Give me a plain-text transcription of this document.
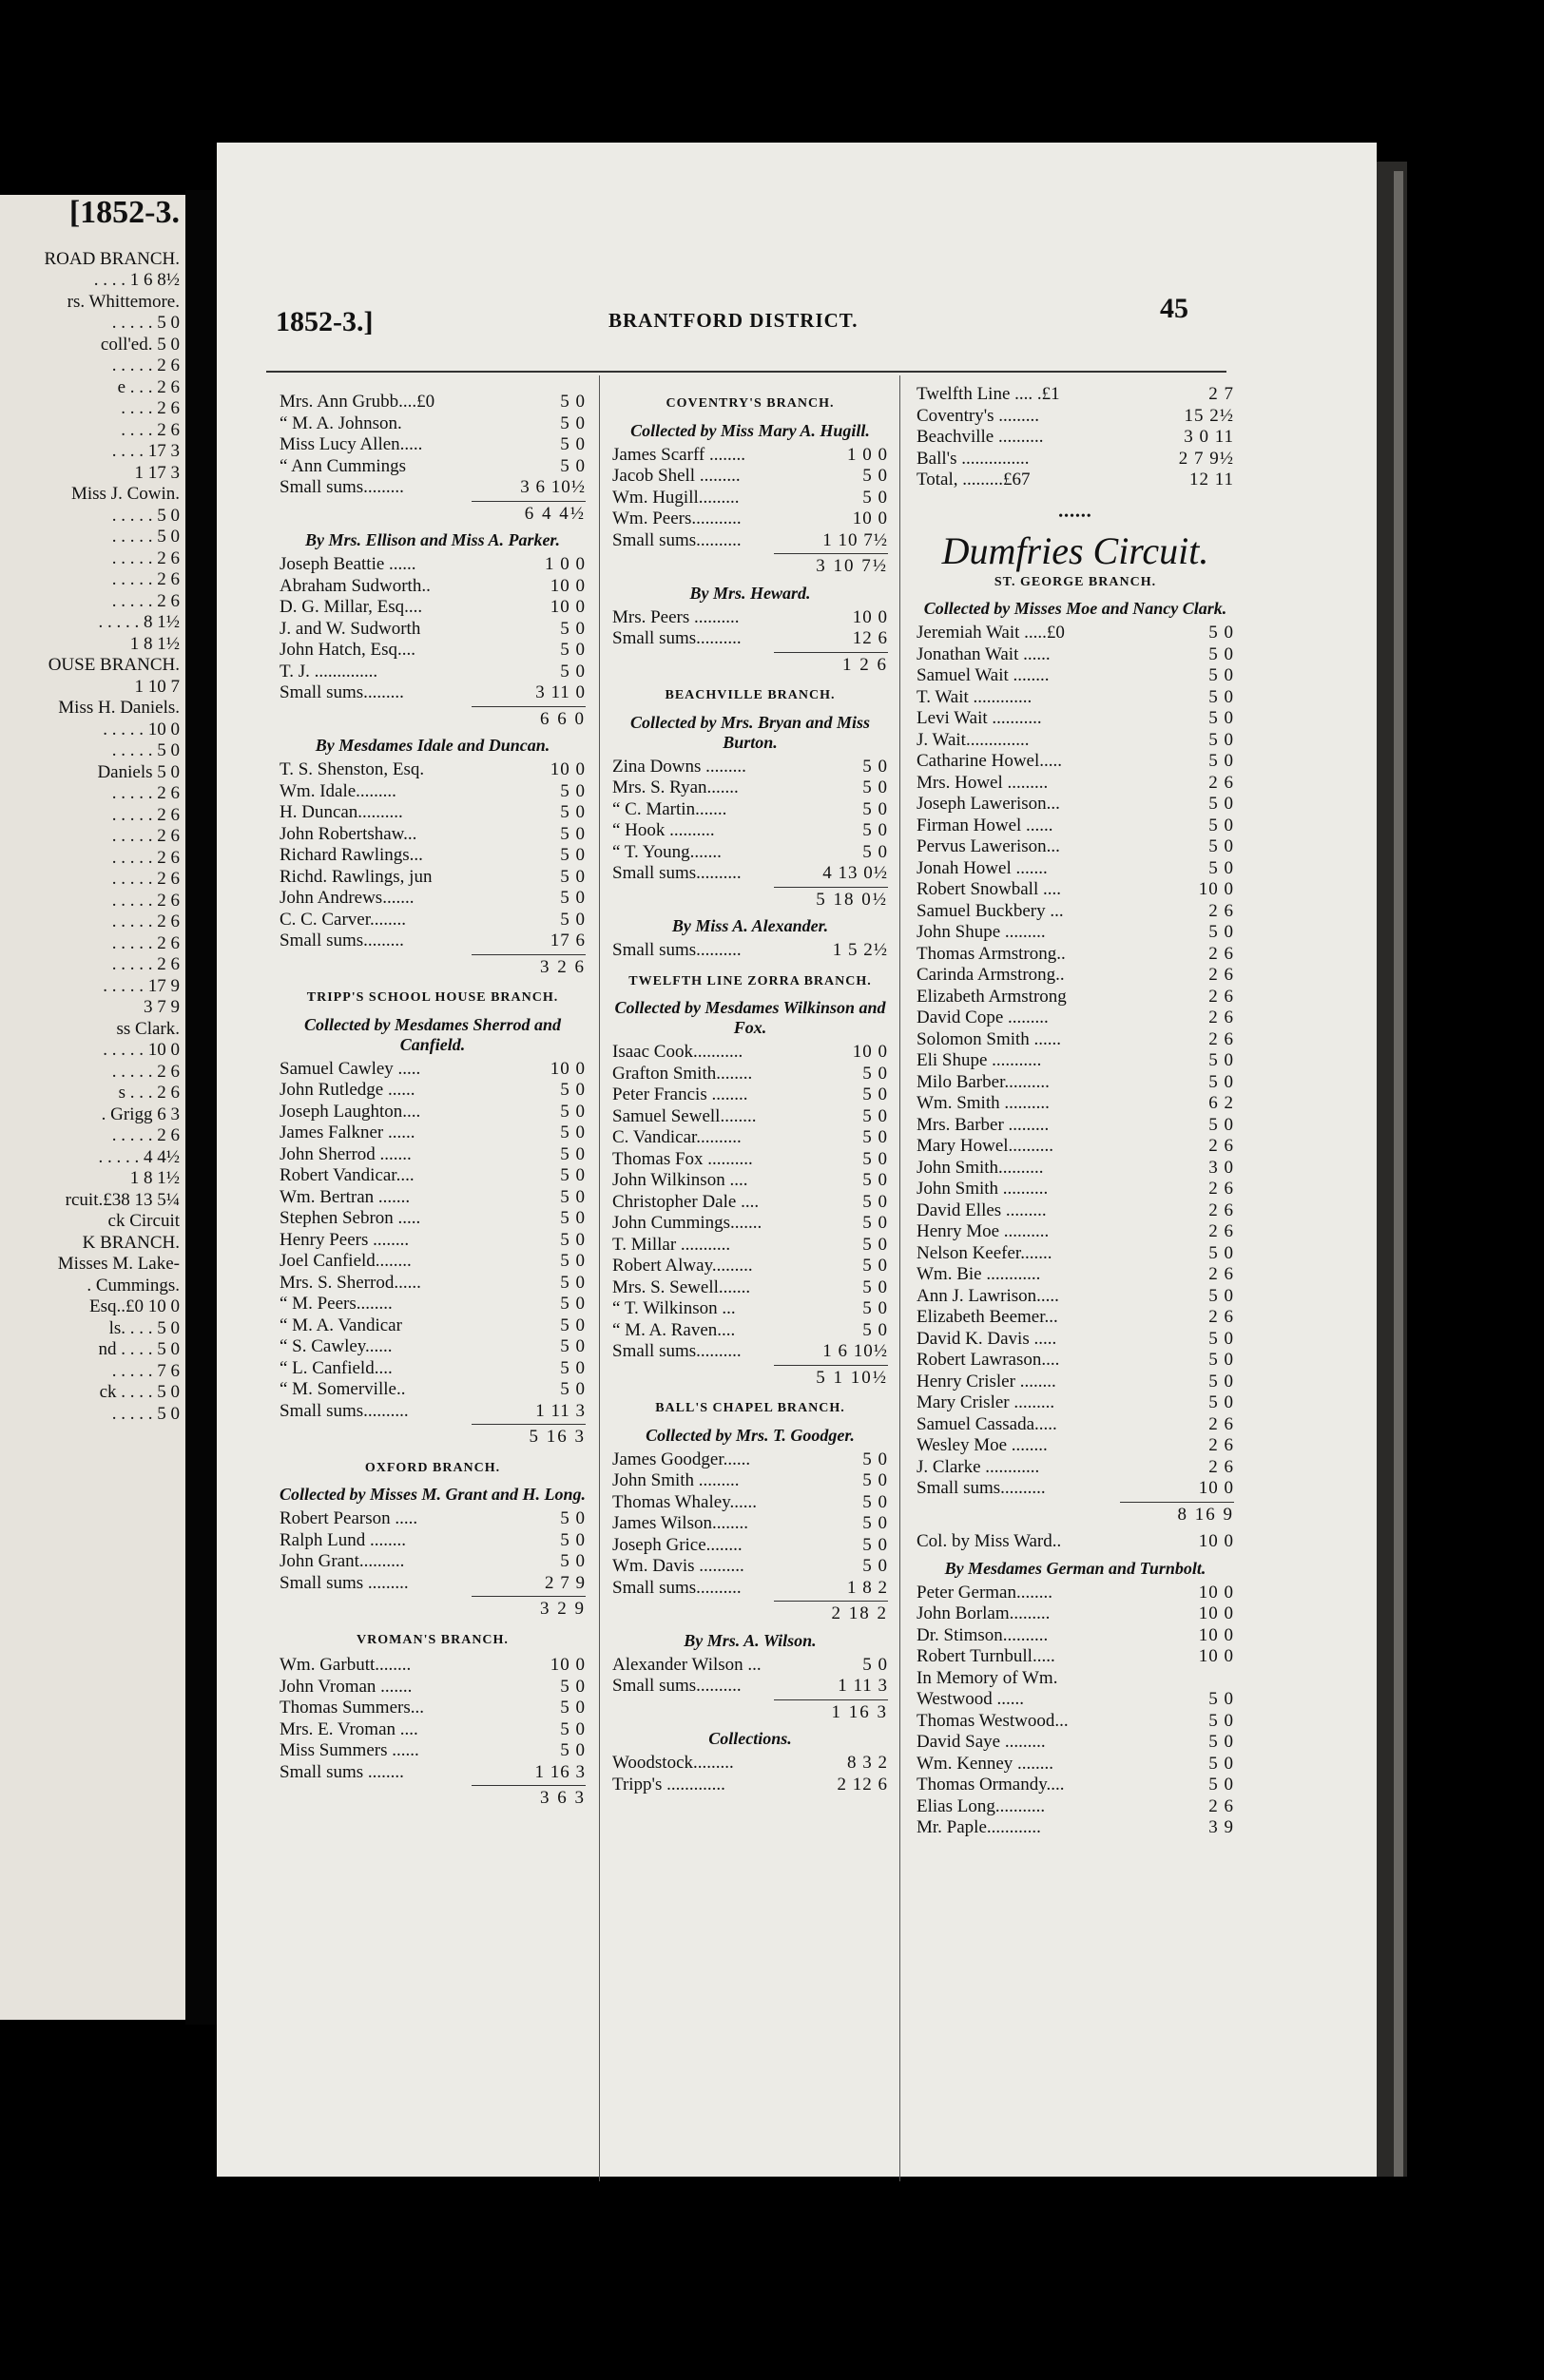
[1852-3.
ROAD BRANCH.
. . . . 1 6 8½
rs. Whittemore.
. . . . . 5 0
coll'ed. 5 0
. . . . . 2 6
e . . . 2 6
. . . . 2 6
. . . . 2 6
. . . . 17 3
1 17 3
Miss J. Cowin.
. . . . . 5 0
. . . . . 5 0
. . . . . 2 6
. . . . . 2 6
. . . . . 2 6
. . . . . 8 1½
1 8 1½
OUSE BRANCH.
1 10 7
Miss H. Daniels.
. . . . . 10 0
. . . . . 5 0
Daniels 5 0
. . . . . 2 6
. . . . . 2 6
. . . . . 2 6
. . . . . 2 6
. . . . . 2 6
. . . . . 2 6
. . . . . 2 6
. . . . . 2 6
. . . . . 2 6
. . . . . 17 9
3 7 9
ss Clark.
. . . . . 10 0
. . . . . 2 6
s . . . 2 6
. Grigg 6 3
. . . . . 2 6
. . . . . 4 4½
1 8 1½
rcuit.£38 13 5¼
ck Circuit
K BRANCH.
Misses M. Lake-
. Cummings.
Esq..£0 10 0
ls. . . . 5 0
nd . . . . 5 0
. . . . . 7 6
ck . . . . 5 0
. . . . . 5 0
1852-3.]	BRANTFORD DISTRICT.	45
Mrs. Ann Grubb....£0	5 0
“ M. A. Johnson.	5 0
Miss Lucy Allen.....	5 0
“ Ann Cummings	5 0
Small sums.........	3 6 10½
6 4 4½
By Mrs. Ellison and Miss A. Parker.
Joseph Beattie ......	1 0 0
Abraham Sudworth..	10 0
D. G. Millar, Esq....	10 0
J. and W. Sudworth	5 0
John Hatch, Esq....	5 0
T. J. ..............	5 0
Small sums.........	3 11 0
6 6 0
By Mesdames Idale and Duncan.
T. S. Shenston, Esq.	10 0
Wm. Idale.........	5 0
H. Duncan..........	5 0
John Robertshaw...	5 0
Richard Rawlings...	5 0
Richd. Rawlings, jun	5 0
John Andrews.......	5 0
C. C. Carver........	5 0
Small sums.........	17 6
3 2 6
TRIPP'S SCHOOL HOUSE BRANCH.
Collected by Mesdames Sherrod and Canfield.
Samuel Cawley .....	10 0
John Rutledge ......	5 0
Joseph Laughton....	5 0
James Falkner ......	5 0
John Sherrod .......	5 0
Robert Vandicar....	5 0
Wm. Bertran .......	5 0
Stephen Sebron .....	5 0
Henry Peers ........	5 0
Joel Canfield........	5 0
Mrs. S. Sherrod......	5 0
“ M. Peers........	5 0
“ M. A. Vandicar	5 0
“ S. Cawley......	5 0
“ L. Canfield....	5 0
“ M. Somerville..	5 0
Small sums..........	1 11 3
5 16 3
OXFORD BRANCH.
Collected by Misses M. Grant and H. Long.
Robert Pearson .....	5 0
Ralph Lund ........	5 0
John Grant..........	5 0
Small sums .........	2 7 9
3 2 9
VROMAN'S BRANCH.
Wm. Garbutt........	10 0
John Vroman .......	5 0
Thomas Summers...	5 0
Mrs. E. Vroman ....	5 0
Miss Summers ......	5 0
Small sums ........	1 16 3
3 6 3
COVENTRY'S BRANCH.
Collected by Miss Mary A. Hugill.
James Scarff ........	1 0 0
Jacob Shell .........	5 0
Wm. Hugill.........	5 0
Wm. Peers...........	10 0
Small sums..........	1 10 7½
3 10 7½
By Mrs. Heward.
Mrs. Peers ..........	10 0
Small sums..........	12 6
1 2 6
BEACHVILLE BRANCH.
Collected by Mrs. Bryan and Miss Burton.
Zina Downs .........	5 0
Mrs. S. Ryan.......	5 0
“ C. Martin.......	5 0
“ Hook ..........	5 0
“ T. Young.......	5 0
Small sums..........	4 13 0½
5 18 0½
By Miss A. Alexander.
Small sums..........	1 5 2½
TWELFTH LINE ZORRA BRANCH.
Collected by Mesdames Wilkinson and Fox.
Isaac Cook...........	10 0
Grafton Smith........	5 0
Peter Francis ........	5 0
Samuel Sewell........	5 0
C. Vandicar..........	5 0
Thomas Fox ..........	5 0
John Wilkinson ....	5 0
Christopher Dale ....	5 0
John Cummings.......	5 0
T. Millar ...........	5 0
Robert Alway.........	5 0
Mrs. S. Sewell.......	5 0
“ T. Wilkinson ...	5 0
“ M. A. Raven....	5 0
Small sums..........	1 6 10½
5 1 10½
BALL'S CHAPEL BRANCH.
Collected by Mrs. T. Goodger.
James Goodger......	5 0
John Smith .........	5 0
Thomas Whaley......	5 0
James Wilson........	5 0
Joseph Grice........	5 0
Wm. Davis ..........	5 0
Small sums..........	1 8 2
2 18 2
By Mrs. A. Wilson.
Alexander Wilson ...	5 0
Small sums..........	1 11 3
1 16 3
Collections.
Woodstock.........	8 3 2
Tripp's .............	2 12 6
Twelfth Line .... .£1	2 7
Coventry's .........	15 2½
Beachville ..........	3 0 11
Ball's ...............	2 7 9½
Total, .........£67	12 11
••••••
Dumfries Circuit.
ST. GEORGE BRANCH.
Collected by Misses Moe and Nancy Clark.
Jeremiah Wait .....£0	5 0
Jonathan Wait ......	5 0
Samuel Wait ........	5 0
T. Wait .............	5 0
Levi Wait ...........	5 0
J. Wait..............	5 0
Catharine Howel.....	5 0
Mrs. Howel .........	2 6
Joseph Lawerison...	5 0
Firman Howel ......	5 0
Pervus Lawerison...	5 0
Jonah Howel .......	5 0
Robert Snowball ....	10 0
Samuel Buckbery ...	2 6
John Shupe .........	5 0
Thomas Armstrong..	2 6
Carinda Armstrong..	2 6
Elizabeth Armstrong	2 6
David Cope .........	2 6
Solomon Smith ......	2 6
Eli Shupe ...........	5 0
Milo Barber..........	5 0
Wm. Smith ..........	6 2
Mrs. Barber .........	5 0
Mary Howel..........	2 6
John Smith..........	3 0
John Smith ..........	2 6
David Elles .........	2 6
Henry Moe ..........	2 6
Nelson Keefer.......	5 0
Wm. Bie ............	2 6
Ann J. Lawrison.....	5 0
Elizabeth Beemer...	2 6
David K. Davis .....	5 0
Robert Lawrason....	5 0
Henry Crisler ........	5 0
Mary Crisler .........	5 0
Samuel Cassada.....	2 6
Wesley Moe ........	2 6
J. Clarke ............	2 6
Small sums..........	10 0
8 16 9
Col. by Miss Ward..	10 0
By Mesdames German and Turnbolt.
Peter German........	10 0
John Borlam.........	10 0
Dr. Stimson..........	10 0
Robert Turnbull.....	10 0
In Memory of Wm.
Westwood ......	5 0
Thomas Westwood...	5 0
David Saye .........	5 0
Wm. Kenney ........	5 0
Thomas Ormandy....	5 0
Elias Long...........	2 6
Mr. Paple............	3 9
